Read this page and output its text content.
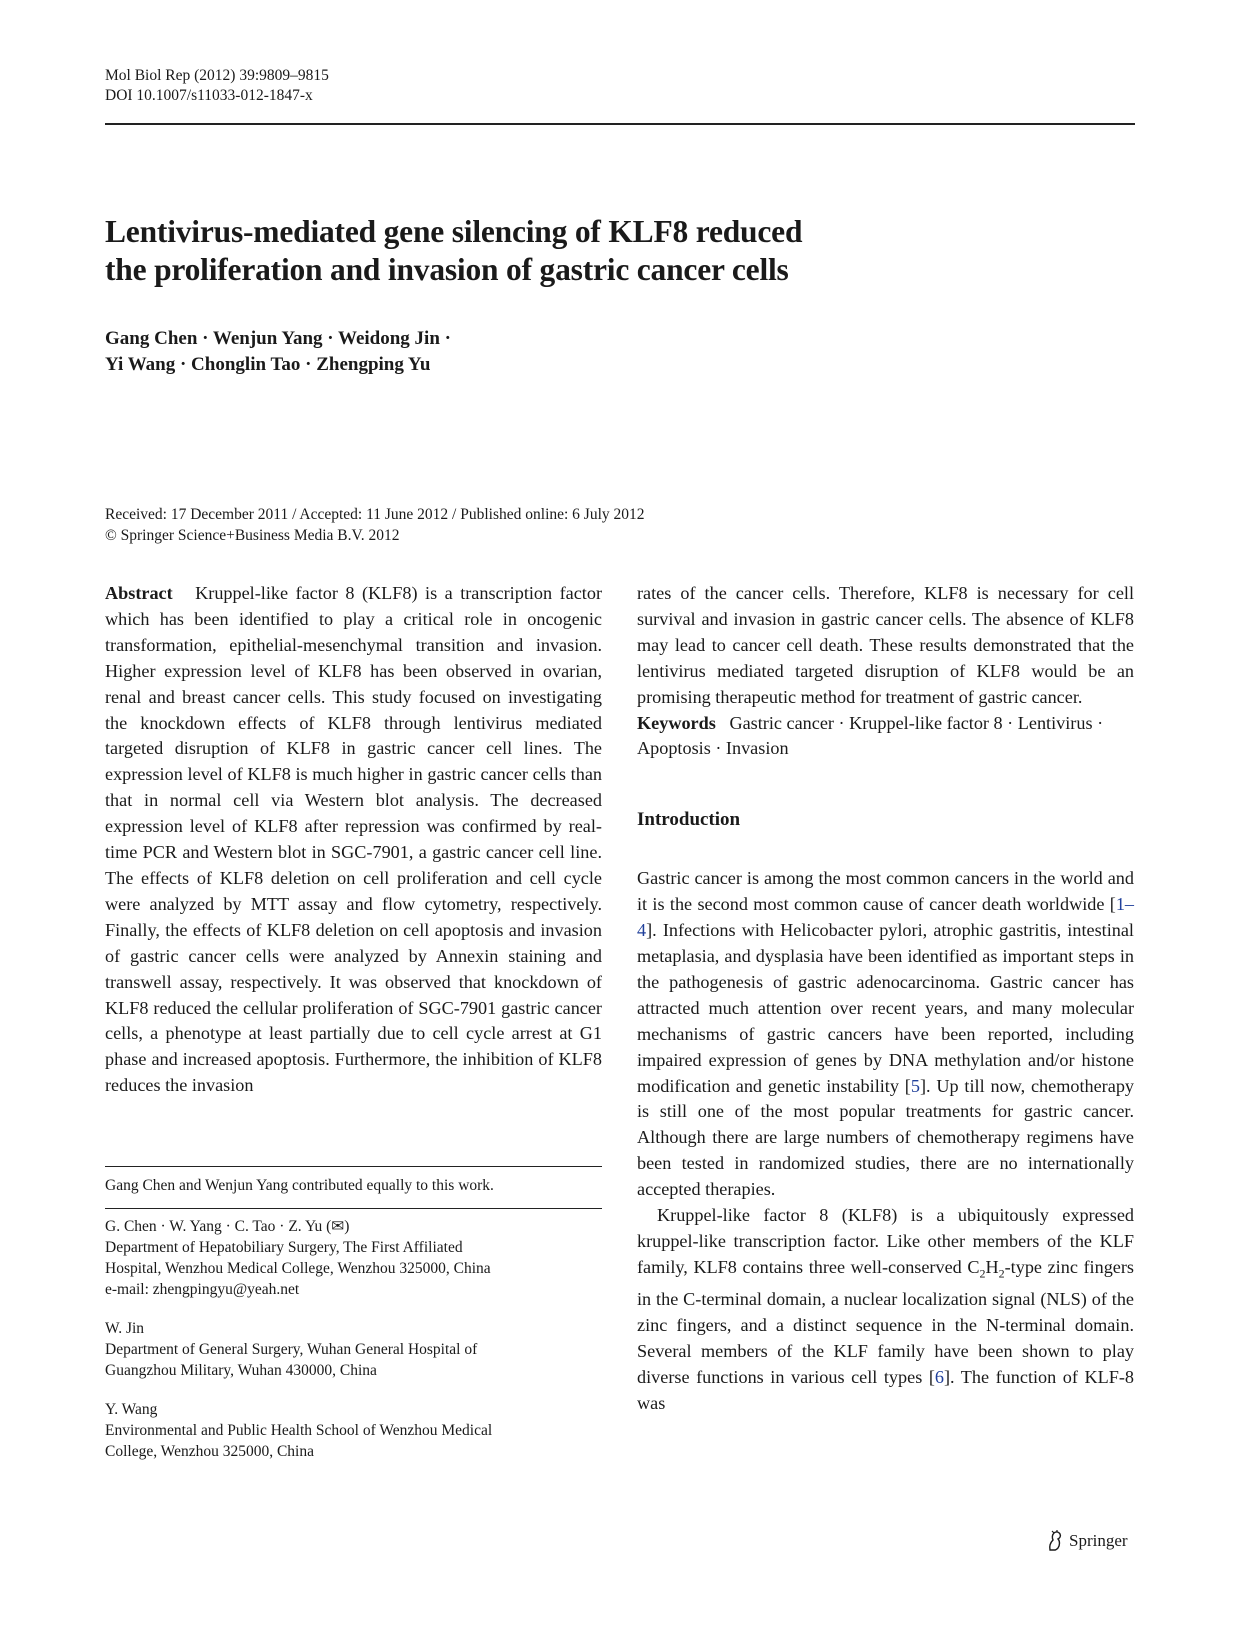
Mol Biol Rep (2012) 39:9809–9815
DOI 10.1007/s11033-012-1847-x
Lentivirus-mediated gene silencing of KLF8 reduced
the proliferation and invasion of gastric cancer cells
Gang Chen · Wenjun Yang · Weidong Jin ·
Yi Wang · Chonglin Tao · Zhengping Yu
Received: 17 December 2011 / Accepted: 11 June 2012 / Published online: 6 July 2012
© Springer Science+Business Media B.V. 2012

Abstract Kruppel-like factor 8 (KLF8) is a transcription factor which has been identified to play a critical role in oncogenic transformation, epithelial-mesenchymal transition and invasion. Higher expression level of KLF8 has been observed in ovarian, renal and breast cancer cells. This study focused on investigating the knockdown effects of KLF8 through lentivirus mediated targeted disruption of KLF8 in gastric cancer cell lines. The expression level of KLF8 is much higher in gastric cancer cells than that in normal cell via Western blot analysis. The decreased expression level of KLF8 after repression was confirmed by real-time PCR and Western blot in SGC-7901, a gastric cancer cell line. The effects of KLF8 deletion on cell proliferation and cell cycle were analyzed by MTT assay and flow cytometry, respectively. Finally, the effects of KLF8 deletion on cell apoptosis and invasion of gastric cancer cells were analyzed by Annexin staining and transwell assay, respectively. It was observed that knockdown of KLF8 reduced the cellular proliferation of SGC-7901 gastric cancer cells, a phenotype at least partially due to cell cycle arrest at G1 phase and increased apoptosis. Furthermore, the inhibition of KLF8 reduces the invasion

rates of the cancer cells. Therefore, KLF8 is necessary for cell survival and invasion in gastric cancer cells. The absence of KLF8 may lead to cancer cell death. These results demonstrated that the lentivirus mediated targeted disruption of KLF8 would be an promising therapeutic method for treatment of gastric cancer.

Keywords Gastric cancer · Kruppel-like factor 8 · Lentivirus · Apoptosis · Invasion

Introduction

Gastric cancer is among the most common cancers in the world and it is the second most common cause of cancer death worldwide [1–4]. Infections with Helicobacter pylori, atrophic gastritis, intestinal metaplasia, and dysplasia have been identified as important steps in the pathogenesis of gastric adenocarcinoma. Gastric cancer has attracted much attention over recent years, and many molecular mechanisms of gastric cancers have been reported, including impaired expression of genes by DNA methylation and/or histone modification and genetic instability [5]. Up till now, chemotherapy is still one of the most popular treatments for gastric cancer. Although there are large numbers of chemotherapy regimens have been tested in randomized studies, there are no internationally accepted therapies.

Kruppel-like factor 8 (KLF8) is a ubiquitously expressed kruppel-like transcription factor. Like other members of the KLF family, KLF8 contains three well-conserved $C_2H_2$-type zinc fingers in the C-terminal domain, a nuclear localization signal (NLS) of the zinc fingers, and a distinct sequence in the N-terminal domain. Several members of the KLF family have been shown to play diverse functions in various cell types [6]. The function of KLF-8 was

Gang Chen and Wenjun Yang contributed equally to this work.

G. Chen · W. Yang · C. Tao · Z. Yu (✉)

Department of Hepatobiliary Surgery, The First Affiliated

Hospital, Wenzhou Medical College, Wenzhou 325000, China

e-mail: zhengpingyu@yeah.net

W. Jin

Department of General Surgery, Wuhan General Hospital of

Guangzhou Military, Wuhan 430000, China

Y. Wang

Environmental and Public Health School of Wenzhou Medical

College, Wenzhou 325000, China

Springer
